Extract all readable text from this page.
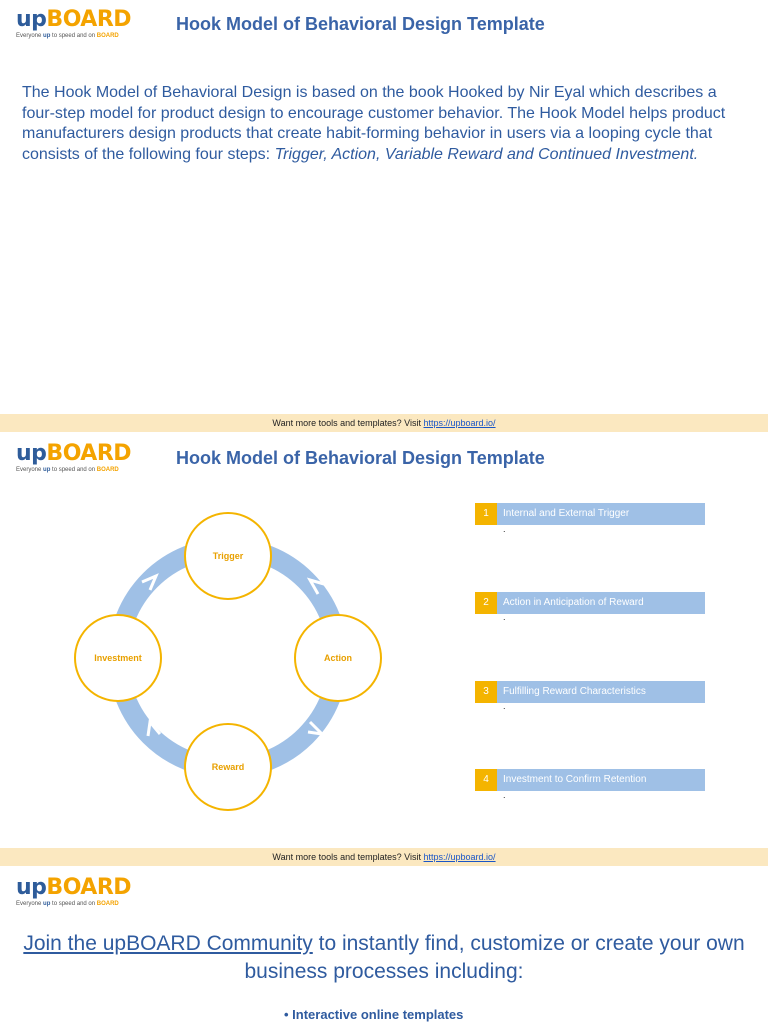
upBOARD
Everyone up to speed and on BOARD
Hook Model of Behavioral Design Template
The Hook Model of Behavioral Design is based on the book Hooked by Nir Eyal which describes a four-step model for product design to encourage customer behavior. The Hook Model helps product manufacturers design products that create habit-forming behavior in users via a looping cycle that consists of the following four steps: Trigger, Action, Variable Reward and Continued Investment.
Want more tools and templates? Visit https://upboard.io/
upBOARD
Everyone up to speed and on BOARD
Hook Model of Behavioral Design Template
Trigger
Action
Reward
Investment
1	Internal and External Trigger
.
2	Action in Anticipation of Reward
.
3	Fulfilling Reward Characteristics
.
4	Investment to Confirm Retention
.
Want more tools and templates? Visit https://upboard.io/
upBOARD
Everyone up to speed and on BOARD
Join the upBOARD Community to instantly find, customize or create your own business processes including:
• Interactive online templates
